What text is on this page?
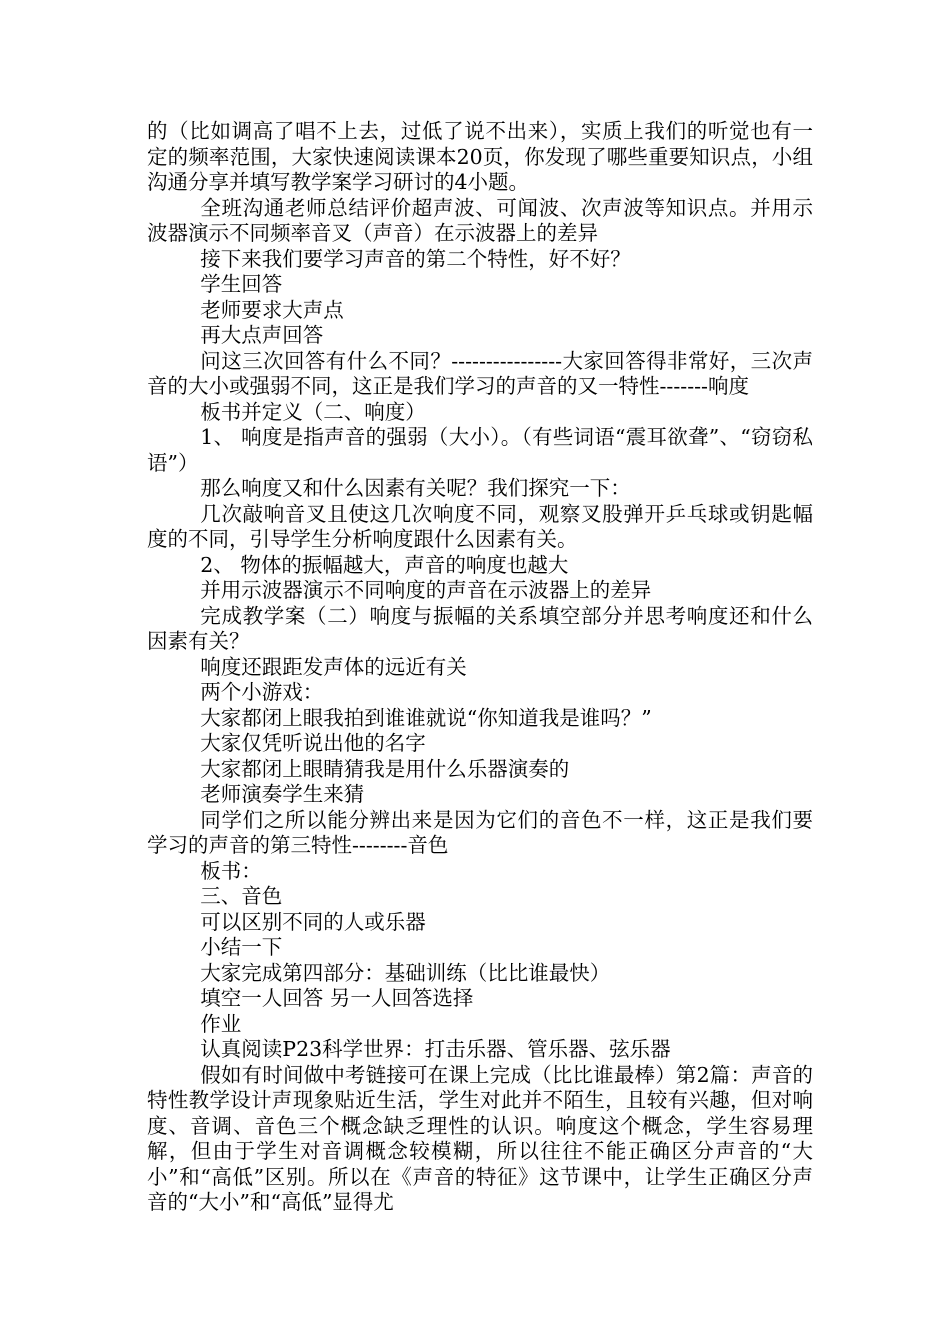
的（比如调高了唱不上去，过低了说不出来），实质上我们的听觉也有一定的频率范围，大家快速阅读课本20页，你发现了哪些重要知识点，小组沟通分享并填写教学案学习研讨的4小题。

全班沟通老师总结评价超声波、可闻波、次声波等知识点。并用示波器演示不同频率音叉（声音）在示波器上的差异

接下来我们要学习声音的第二个特性，好不好？

学生回答

老师要求大声点

再大点声回答

问这三次回答有什么不同？----------------大家回答得非常好，三次声音的大小或强弱不同，这正是我们学习的声音的又一特性-------响度

板书并定义（二、响度）

1、 响度是指声音的强弱（大小）。（有些词语“震耳欲聋”、“窃窃私语”）

那么响度又和什么因素有关呢？我们探究一下：

几次敲响音叉且使这几次响度不同，观察叉股弹开乒乓球或钥匙幅度的不同，引导学生分析响度跟什么因素有关。

2、 物体的振幅越大，声音的响度也越大

并用示波器演示不同响度的声音在示波器上的差异

完成教学案（二）响度与振幅的关系填空部分并思考响度还和什么因素有关？

响度还跟距发声体的远近有关

两个小游戏：

大家都闭上眼我拍到谁谁就说“你知道我是谁吗？”

大家仅凭听说出他的名字

大家都闭上眼睛猜我是用什么乐器演奏的

老师演奏学生来猜

同学们之所以能分辨出来是因为它们的音色不一样，这正是我们要学习的声音的第三特性--------音色

板书：

三、音色

可以区别不同的人或乐器

小结一下

大家完成第四部分：基础训练（比比谁最快）

填空一人回答 另一人回答选择

作业

认真阅读P23科学世界：打击乐器、管乐器、弦乐器

假如有时间做中考链接可在课上完成（比比谁最棒）第2篇：声音的特性教学设计声现象贴近生活，学生对此并不陌生，且较有兴趣，但对响度、音调、音色三个概念缺乏理性的认识。响度这个概念，学生容易理解，但由于学生对音调概念较模糊，所以往往不能正确区分声音的“大小”和“高低”区别。所以在《声音的特征》这节课中，让学生正确区分声音的“大小”和“高低”显得尤
